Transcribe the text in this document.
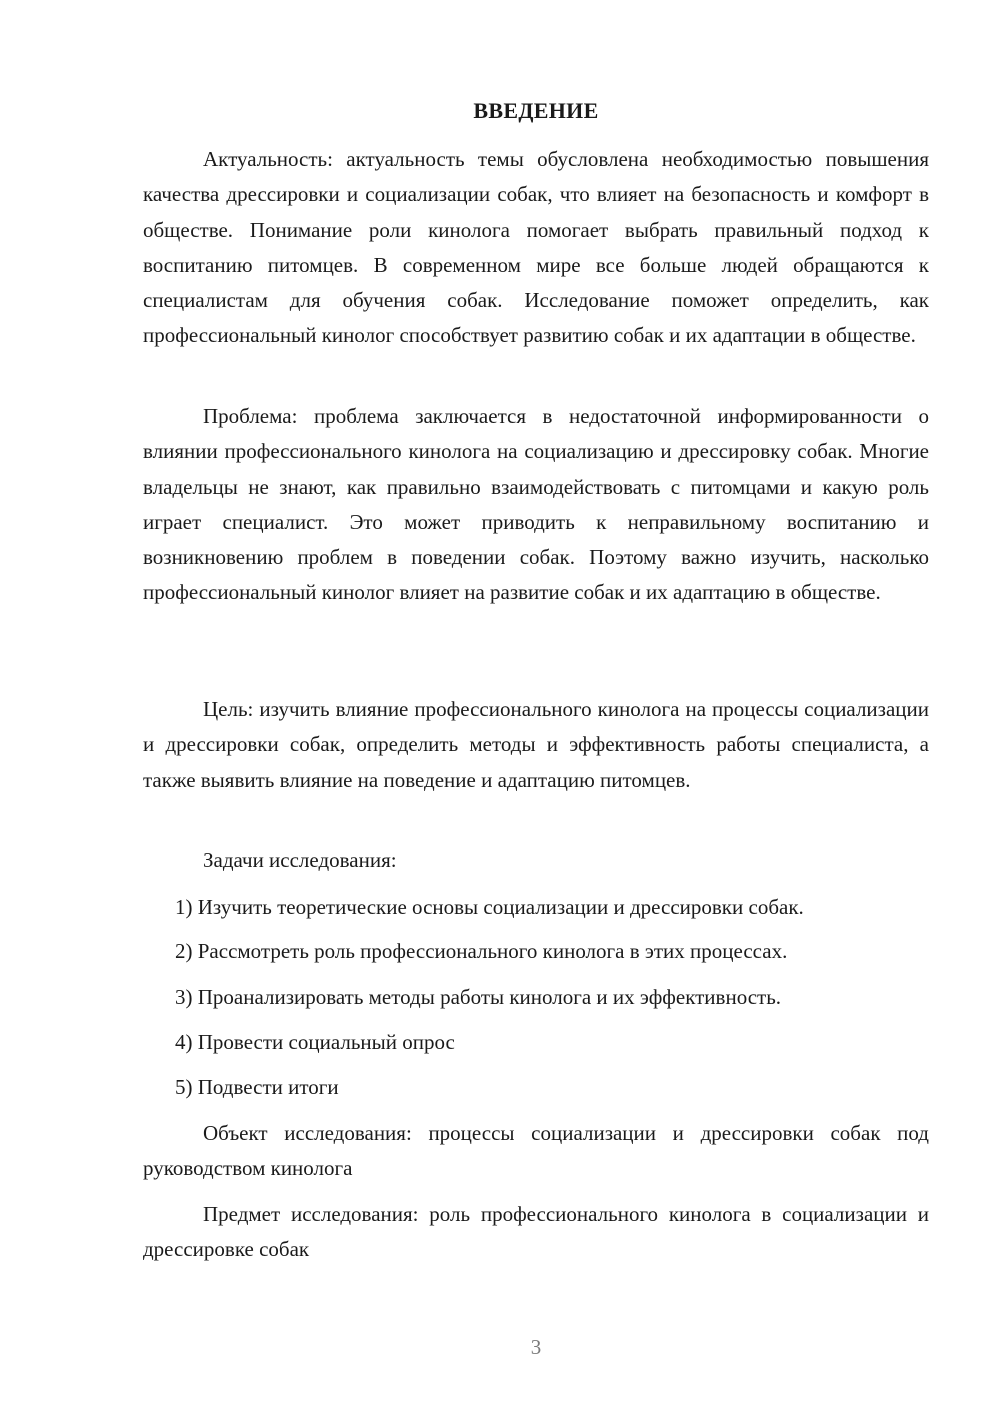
ВВЕДЕНИЕ

Актуальность: актуальность темы обусловлена необходимостью повышения качества дрессировки и социализации собак, что влияет на безопасность и комфорт в обществе. Понимание роли кинолога помогает выбрать правильный подход к воспитанию питомцев. В современном мире все больше людей обращаются к специалистам для обучения собак. Исследование поможет определить, как профессиональный кинолог способствует развитию собак и их адаптации в обществе.

Проблема: проблема заключается в недостаточной информированности о влиянии профессионального кинолога на социализацию и дрессировку собак. Многие владельцы не знают, как правильно взаимодействовать с питомцами и какую роль играет специалист. Это может приводить к неправильному воспитанию и возникновению проблем в поведении собак. Поэтому важно изучить, насколько профессиональный кинолог влияет на развитие собак и их адаптацию в обществе.

Цель: изучить влияние профессионального кинолога на процессы социализации и дрессировки собак, определить методы и эффективность работы специалиста, а также выявить влияние на поведение и адаптацию питомцев.

Задачи исследования:

1) Изучить теоретические основы социализации и дрессировки собак.

2) Рассмотреть роль профессионального кинолога в этих процессах.

3) Проанализировать методы работы кинолога и их эффективность.

4) Провести социальный опрос

5) Подвести итоги

Объект исследования: процессы социализации и дрессировки собак под руководством кинолога

Предмет исследования: роль профессионального кинолога в социализации и дрессировке собак

3
